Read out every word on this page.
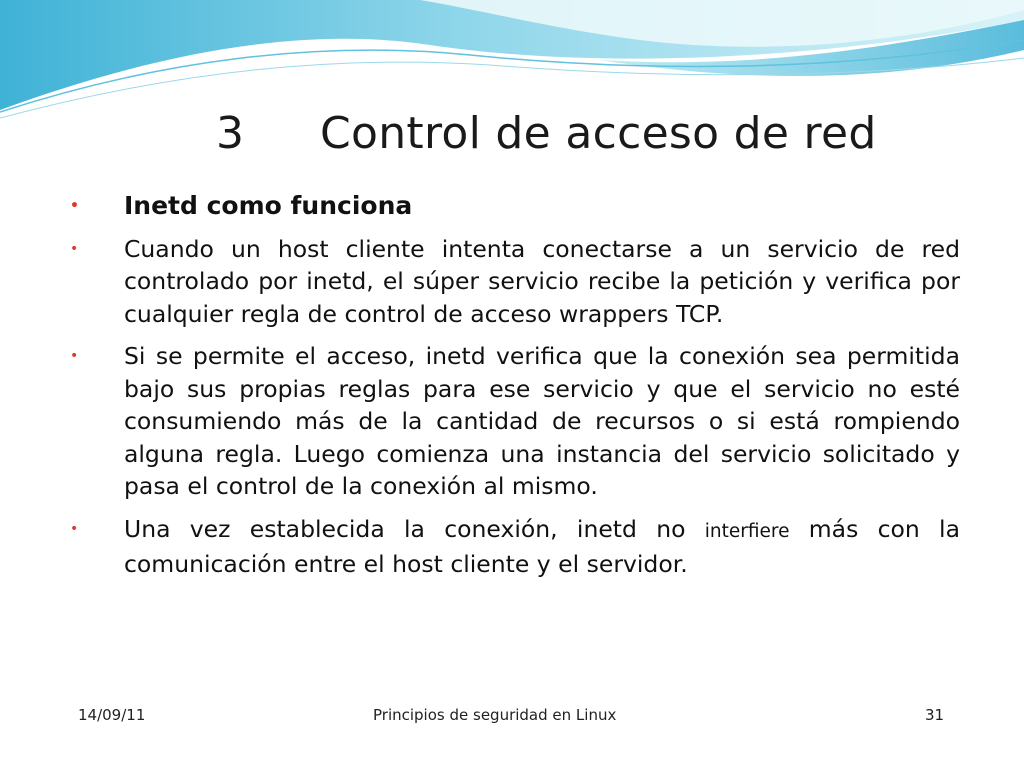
3 Control de acceso de red
• Inetd como funciona
• Cuando un host cliente intenta conectarse a un servicio de red controlado por inetd, el súper servicio recibe la petición y verifica por cualquier regla de control de acceso wrappers TCP.
• Si se permite el acceso, inetd verifica que la conexión sea permitida bajo sus propias reglas para ese servicio y que el servicio no esté consumiendo más de la cantidad de recursos o si está rompiendo alguna regla. Luego comienza una instancia del servicio solicitado y pasa el control de la conexión al mismo.
• Una vez establecida la conexión, inetd no interfiere más con la comunicación entre el host cliente y el servidor.
14/09/11	Principios de seguridad en Linux	31
